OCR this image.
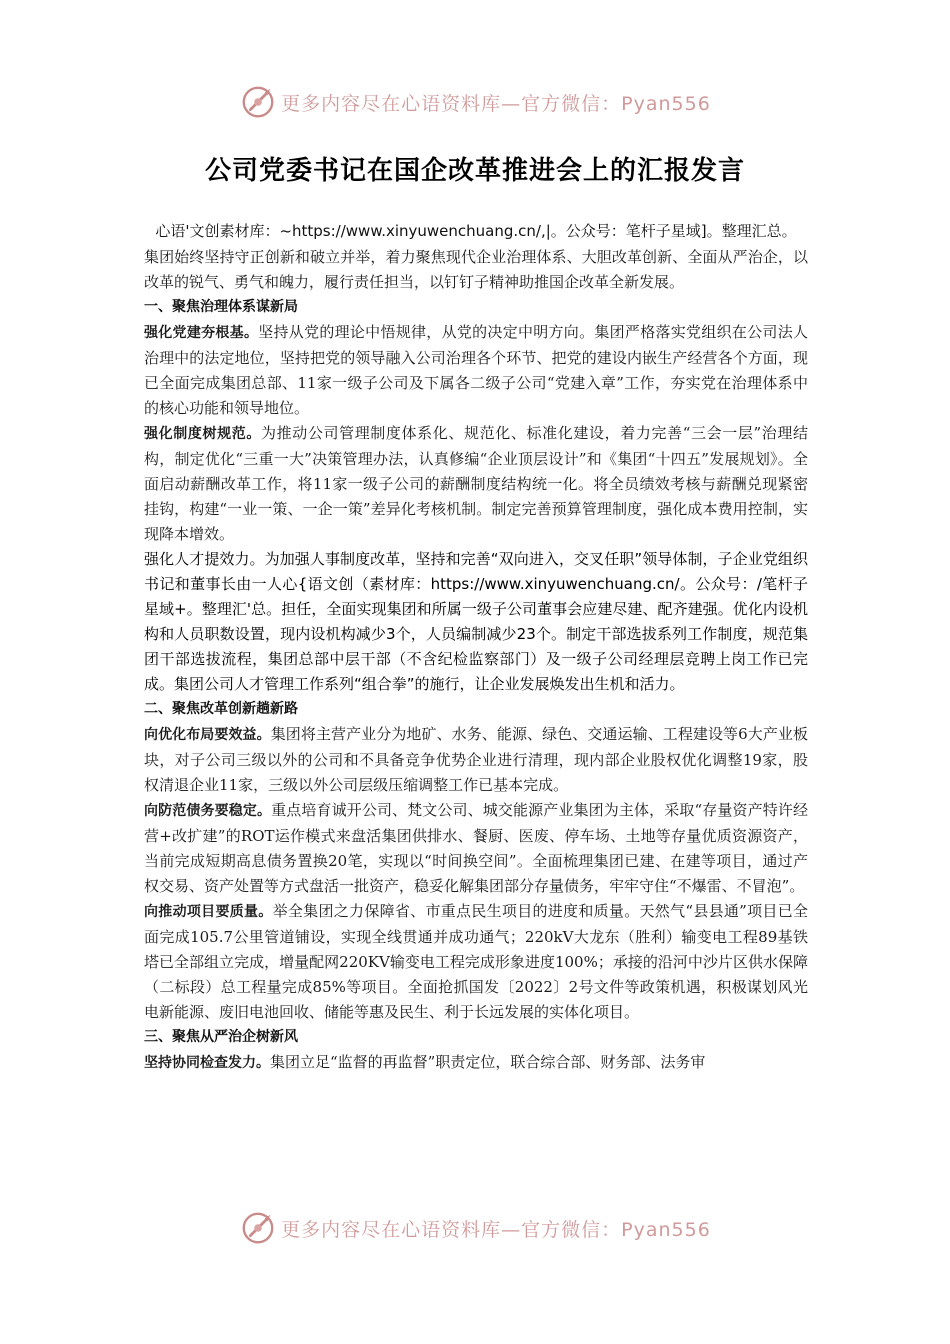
更多内容尽在心语资料库—官方微信：Pyan556
公司党委书记在国企改革推进会上的汇报发言

心语'文创素材库：~https://www.xinyuwenchuang.cn/,|。公众号：笔杆子星域]。整理汇总。

集团始终坚持守正创新和破立并举，着力聚焦现代企业治理体系、大胆改革创新、全面从严治企，以改革的锐气、勇气和魄力，履行责任担当，以钉钉子精神助推国企改革全新发展。

一、聚焦治理体系谋新局

强化党建夯根基。坚持从党的理论中悟规律，从党的决定中明方向。集团严格落实党组织在公司法人治理中的法定地位，坚持把党的领导融入公司治理各个环节、把党的建设内嵌生产经营各个方面，现已全面完成集团总部、11家一级子公司及下属各二级子公司“党建入章”工作，夯实党在治理体系中的核心功能和领导地位。

强化制度树规范。为推动公司管理制度体系化、规范化、标准化建设，着力完善“三会一层”治理结构，制定优化“三重一大”决策管理办法，认真修编“企业顶层设计”和《集团“十四五”发展规划》。全面启动薪酬改革工作，将11家一级子公司的薪酬制度结构统一化。将全员绩效考核与薪酬兑现紧密挂钩，构建“一业一策、一企一策”差异化考核机制。制定完善预算管理制度，强化成本费用控制，实现降本增效。

强化人才提效力。为加强人事制度改革，坚持和完善“双向进入，交叉任职”领导体制，子企业党组织书记和董事长由一人心{语文创（素材库：https://www.xinyuwenchuang.cn/。公众号：/笔杆子星域+。整理汇'总。担任，全面实现集团和所属一级子公司董事会应建尽建、配齐建强。优化内设机构和人员职数设置，现内设机构减少3个，人员编制减少23个。制定干部选拔系列工作制度，规范集团干部选拔流程，集团总部中层干部（不含纪检监察部门）及一级子公司经理层竞聘上岗工作已完成。集团公司人才管理工作系列“组合拳”的施行，让企业发展焕发出生机和活力。

二、聚焦改革创新趟新路

向优化布局要效益。集团将主营产业分为地矿、水务、能源、绿色、交通运输、工程建设等6大产业板块，对子公司三级以外的公司和不具备竞争优势企业进行清理，现内部企业股权优化调整19家，股权清退企业11家，三级以外公司层级压缩调整工作已基本完成。

向防范债务要稳定。重点培育诚开公司、梵文公司、城交能源产业集团为主体，采取“存量资产特许经营+改扩建”的ROT运作模式来盘活集团供排水、餐厨、医废、停车场、土地等存量优质资源资产，当前完成短期高息债务置换20笔，实现以“时间换空间”。全面梳理集团已建、在建等项目，通过产权交易、资产处置等方式盘活一批资产，稳妥化解集团部分存量债务，牢牢守住“不爆雷、不冒泡”。

向推动项目要质量。举全集团之力保障省、市重点民生项目的进度和质量。天然气“县县通”项目已全面完成105.7公里管道铺设，实现全线贯通并成功通气；220kV大龙东（胜利）输变电工程89基铁塔已全部组立完成，增量配网220KV输变电工程完成形象进度100%；承接的沿河中沙片区供水保障（二标段）总工程量完成85%等项目。全面抢抓国发〔2022〕2号文件等政策机遇，积极谋划风光电新能源、废旧电池回收、储能等惠及民生、利于长远发展的实体化项目。

三、聚焦从严治企树新风

坚持协同检查发力。集团立足“监督的再监督”职责定位，联合综合部、财务部、法务审

更多内容尽在心语资料库—官方微信：Pyan556
